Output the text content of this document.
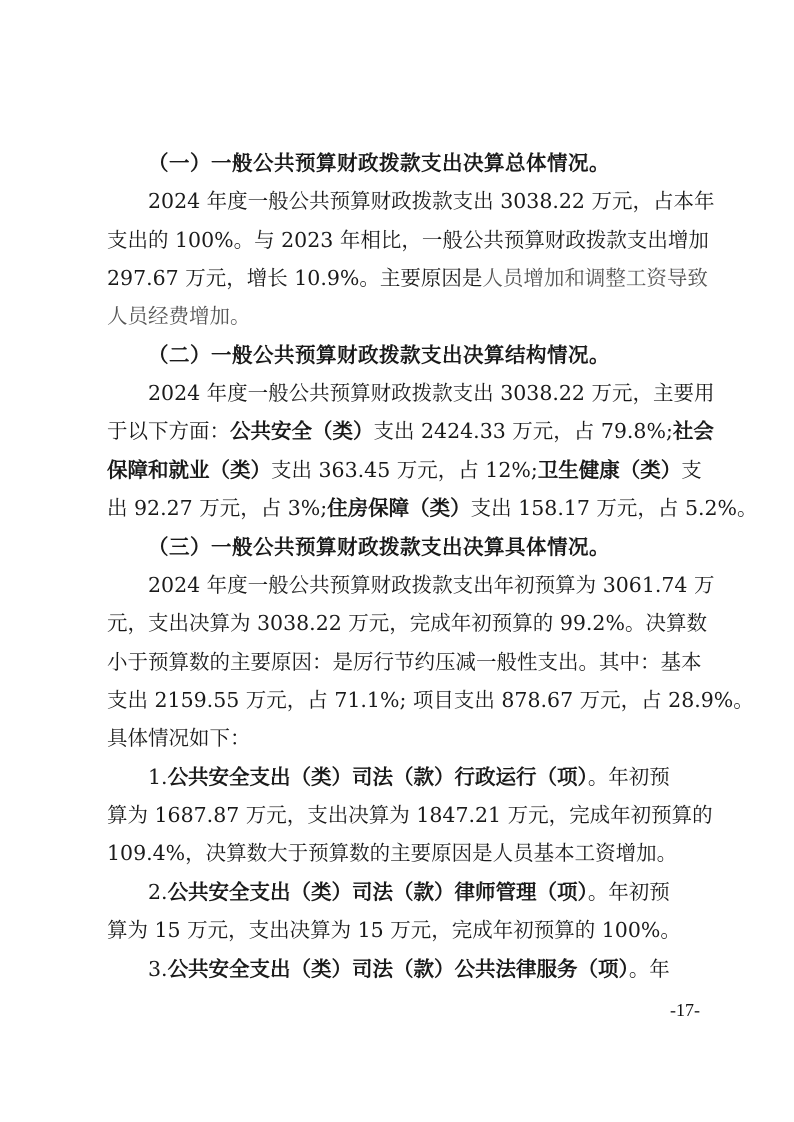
（一）一般公共预算财政拨款支出决算总体情况。
2024 年度一般公共预算财政拨款支出 3038.22 万元，占本年
支出的 100%。与 2023 年相比，一般公共预算财政拨款支出增加
297.67 万元，增长 10.9%。主要原因是人员增加和调整工资导致
人员经费增加。
（二）一般公共预算财政拨款支出决算结构情况。
2024 年度一般公共预算财政拨款支出 3038.22 万元，主要用
于以下方面：公共安全（类）支出 2424.33 万元，占 79.8%;社会
保障和就业（类）支出 363.45 万元，占 12%;卫生健康（类）支
出 92.27 万元，占 3%;住房保障（类）支出 158.17 万元，占 5.2%。
（三）一般公共预算财政拨款支出决算具体情况。
2024 年度一般公共预算财政拨款支出年初预算为 3061.74 万
元，支出决算为 3038.22 万元，完成年初预算的 99.2%。决算数
小于预算数的主要原因：是厉行节约压减一般性支出。其中：基本
支出 2159.55 万元，占 71.1%; 项目支出 878.67 万元，占 28.9%。
具体情况如下：
1.公共安全支出（类）司法（款）行政运行（项）。年初预
算为 1687.87 万元，支出决算为 1847.21 万元，完成年初预算的
109.4%，决算数大于预算数的主要原因是人员基本工资增加。
2.公共安全支出（类）司法（款）律师管理（项）。年初预
算为 15 万元，支出决算为 15 万元，完成年初预算的 100%。
3.公共安全支出（类）司法（款）公共法律服务（项）。年
-17-
